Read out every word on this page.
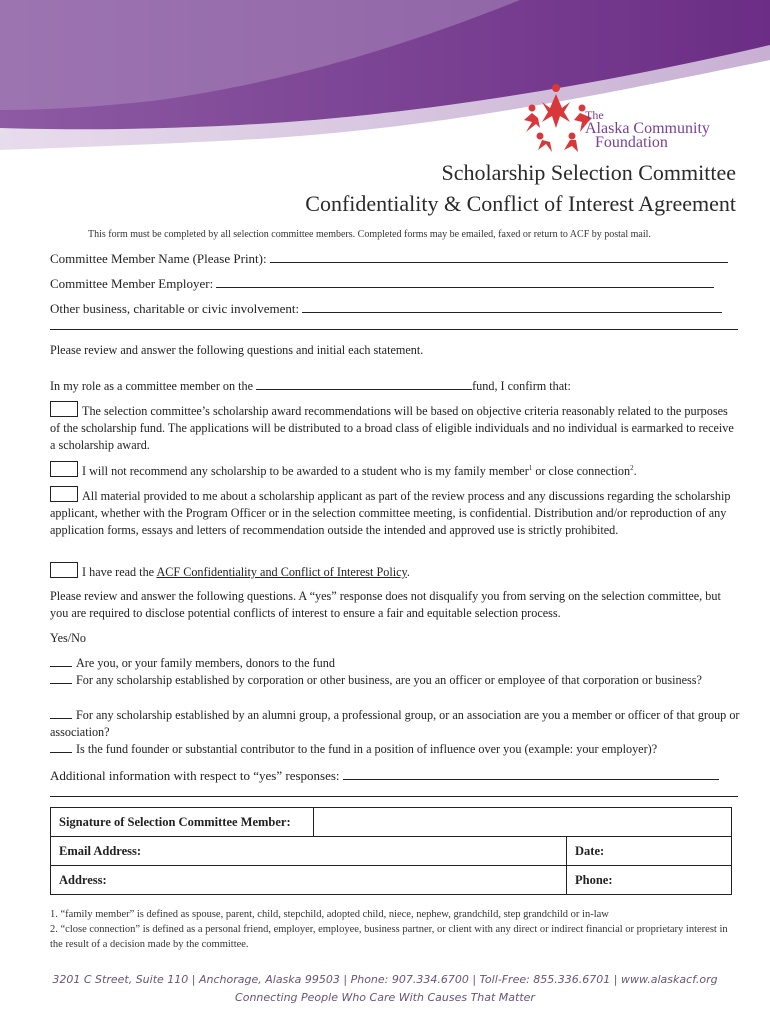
The
Alaska Community
Foundation
Scholarship Selection Committee
Confidentiality & Conflict of Interest Agreement
This form must be completed by all selection committee members. Completed forms may be emailed, faxed or return to ACF by postal mail.
Committee Member Name (Please Print):
Committee Member Employer:
Other business, charitable or civic involvement:
Please review and answer the following questions and initial each statement.
In my role as a committee member on the	fund, I confirm that:
The selection committee’s scholarship award recommendations will be based on objective criteria reasonably related to the purposes of the scholarship fund. The applications will be distributed to a broad class of eligible individuals and no individual is earmarked to receive a scholarship award.
I will not recommend any scholarship to be awarded to a student who is my family member$^1$ or close connection$^2$.
All material provided to me about a scholarship applicant as part of the review process and any discussions regarding the scholarship applicant, whether with the Program Officer or in the selection committee meeting, is confidential. Distribution and/or reproduction of any application forms, essays and letters of recommendation outside the intended and approved use is strictly prohibited.
I have read the ACF Confidentiality and Conflict of Interest Policy.
Please review and answer the following questions. A “yes” response does not disqualify you from serving on the selection committee, but you are required to disclose potential conflicts of interest to ensure a fair and equitable selection process.
Yes/No
Are you, or your family members, donors to the fund
For any scholarship established by corporation or other business, are you an officer or employee of that corporation or business?
For any scholarship established by an alumni group, a professional group, or an association are you a member or officer of that group or association?
Is the fund founder or substantial contributor to the fund in a position of influence over you (example: your employer)?
Additional information with respect to “yes” responses:
Signature of Selection Committee Member:		
Email Address:		Date:
Address:		Phone:
1. “family member” is defined as spouse, parent, child, stepchild, adopted child, niece, nephew, grandchild, step grandchild or in-law
2. “close connection” is defined as a personal friend, employer, employee, business partner, or client with any direct or indirect financial or proprietary interest in the result of a decision made by the committee.
3201 C Street, Suite 110 | Anchorage, Alaska 99503 | Phone: 907.334.6700 | Toll-Free: 855.336.6701 | www.alaskacf.org
Connecting People Who Care With Causes That Matter
